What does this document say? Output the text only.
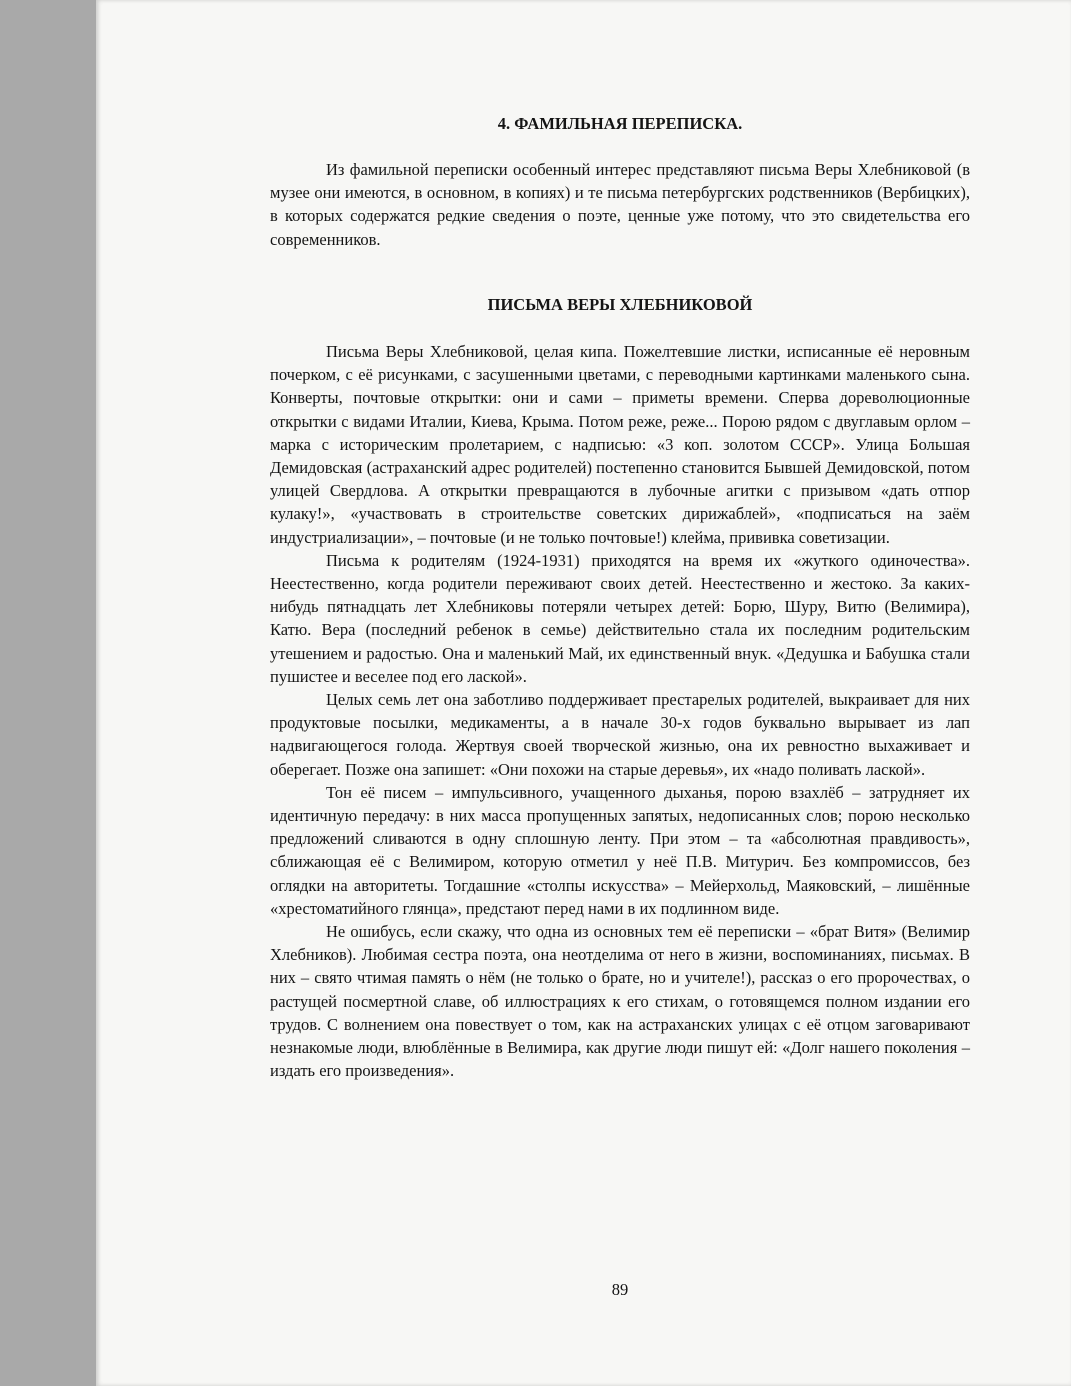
4. ФАМИЛЬНАЯ ПЕРЕПИСКА.

Из фамильной переписки особенный интерес представляют письма Веры Хлебниковой (в музее они имеются, в основном, в копиях) и те письма петербургских родственников (Вербицких), в которых содержатся редкие сведения о поэте, ценные уже потому, что это свидетельства его современников.

ПИСЬМА ВЕРЫ ХЛЕБНИКОВОЙ

Письма Веры Хлебниковой, целая кипа. Пожелтевшие листки, исписанные её неровным почерком, с её рисунками, с засушенными цветами, с переводными картинками маленького сына. Конверты, почтовые открытки: они и сами – приметы времени. Сперва дореволюционные открытки с видами Италии, Киева, Крыма. Потом реже, реже... Порою рядом с двуглавым орлом – марка с историческим пролетарием, с надписью: «3 коп. золотом СССР». Улица Большая Демидовская (астраханский адрес родителей) постепенно становится Бывшей Демидовской, потом улицей Свердлова. А открытки превращаются в лубочные агитки с призывом «дать отпор кулаку!», «участвовать в строительстве советских дирижаблей», «подписаться на заём индустриализации», – почтовые (и не только почтовые!) клейма, прививка советизации.

Письма к родителям (1924-1931) приходятся на время их «жуткого одиночества». Неестественно, когда родители переживают своих детей. Неестественно и жестоко. За каких-нибудь пятнадцать лет Хлебниковы потеряли четырех детей: Борю, Шуру, Витю (Велимира), Катю. Вера (последний ребенок в семье) действительно стала их последним родительским утешением и радостью. Она и маленький Май, их единственный внук. «Дедушка и Бабушка стали пушистее и веселее под его лаской».

Целых семь лет она заботливо поддерживает престарелых родителей, выкраивает для них продуктовые посылки, медикаменты, а в начале 30-х годов буквально вырывает из лап надвигающегося голода. Жертвуя своей творческой жизнью, она их ревностно выхаживает и оберегает. Позже она запишет: «Они похожи на старые деревья», их «надо поливать лаской».

Тон её писем – импульсивного, учащенного дыханья, порою взахлёб – затрудняет их идентичную передачу: в них масса пропущенных запятых, недописанных слов; порою несколько предложений сливаются в одну сплошную ленту. При этом – та «абсолютная правдивость», сближающая её с Велимиром, которую отметил у неё П.В. Митурич. Без компромиссов, без оглядки на авторитеты. Тогдашние «столпы искусства» – Мейерхольд, Маяковский, – лишённые «хрестоматийного глянца», предстают перед нами в их подлинном виде.

Не ошибусь, если скажу, что одна из основных тем её переписки – «брат Витя» (Велимир Хлебников). Любимая сестра поэта, она неотделима от него в жизни, воспоминаниях, письмах. В них – свято чтимая память о нём (не только о брате, но и учителе!), рассказ о его пророчествах, о растущей посмертной славе, об иллюстрациях к его стихам, о готовящемся полном издании его трудов. С волнением она повествует о том, как на астраханских улицах с её отцом заговаривают незнакомые люди, влюблённые в Велимира, как другие люди пишут ей: «Долг нашего поколения – издать его произведения».

89
